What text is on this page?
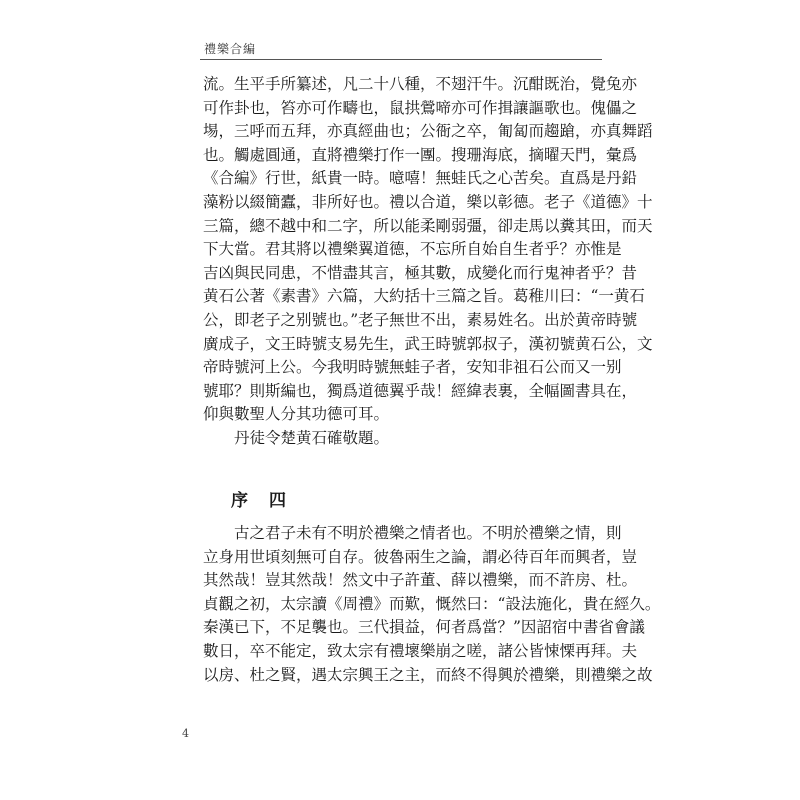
禮樂合編
流。生平手所纂述，凡二十八種，不翅汗牛。沉酣既治，覺兔亦
可作卦也，笞亦可作疇也，鼠拱鶯啼亦可作揖讓謳歌也。傀儡之
埸，三呼而五拜，亦真經曲也；公衙之卒，匍匐而趨蹌，亦真舞蹈
也。觸處圓通，直將禮樂打作一團。搜珊海底，摘曜天門，彙爲
《合編》行世，紙貴一時。噫嘻！無蛙氏之心苦矣。直爲是丹鉛
藻粉以綴簡蠹，非所好也。禮以合道，樂以彰德。老子《道德》十
三篇，總不越中和二字，所以能柔剛弱彊，卻走馬以糞其田，而天
下大當。君其將以禮樂翼道德，不忘所自始自生者乎？亦惟是
吉凶與民同患，不惜盡其言，極其數，成變化而行鬼神者乎？昔
黄石公著《素書》六篇，大約括十三篇之旨。葛稚川曰：“一黄石
公，即老子之别號也。”老子無世不出，素易姓名。出於黄帝時號
廣成子，文王時號支易先生，武王時號郭叔子，漢初號黄石公，文
帝時號河上公。今我明時號無蛙子者，安知非祖石公而又一别
號耶？則斯編也，獨爲道德翼乎哉！經緯表裏，全幅圖書具在，
仰與數聖人分其功德可耳。
丹徒令楚黄石確敬題。
序　四
古之君子未有不明於禮樂之情者也。不明於禮樂之情，則
立身用世頃刻無可自存。彼魯兩生之論，謂必待百年而興者，豈
其然哉！豈其然哉！然文中子許董、薛以禮樂，而不許房、杜。
貞觀之初，太宗讀《周禮》而歎，慨然曰：“設法施化，貴在經久。
秦漢已下，不足襲也。三代損益，何者爲當？”因詔宿中書省會議
數日，卒不能定，致太宗有禮壞樂崩之嗟，諸公皆悚慄再拜。夫
以房、杜之賢，遇太宗興王之主，而終不得興於禮樂，則禮樂之故
4
